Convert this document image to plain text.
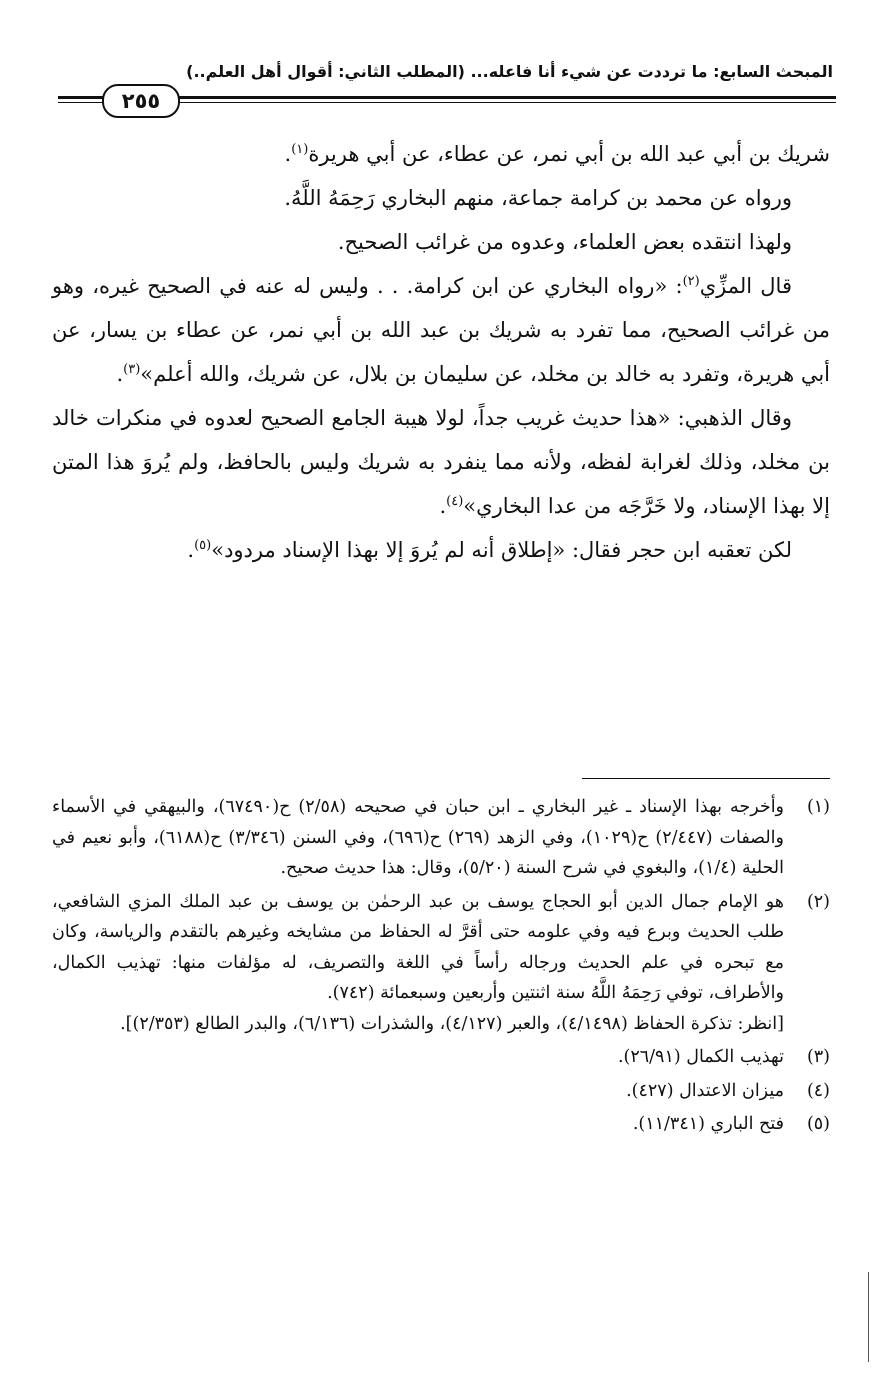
المبحث السابع: ما ترددت عن شيء أنا فاعله... (المطلب الثاني: أقوال أهل العلم..)
٢٥٥

شريك بن أبي عبد الله بن أبي نمر، عن عطاء، عن أبي هريرة$^{(١)}$.

ورواه عن محمد بن كرامة جماعة، منهم البخاري رَحِمَهُ اللَّهُ.

ولهذا انتقده بعض العلماء، وعدوه من غرائب الصحيح.

قال المزِّي$^{(٢)}$: «رواه البخاري عن ابن كرامة. . . وليس له عنه في الصحيح غيره، وهو من غرائب الصحيح، مما تفرد به شريك بن عبد الله بن أبي نمر، عن عطاء بن يسار، عن أبي هريرة، وتفرد به خالد بن مخلد، عن سليمان بن بلال، عن شريك، والله أعلم»$^{(٣)}$.

وقال الذهبي: «هذا حديث غريب جداً، لولا هيبة الجامع الصحيح لعدوه في منكرات خالد بن مخلد، وذلك لغرابة لفظه، ولأنه مما ينفرد به شريك وليس بالحافظ، ولم يُروَ هذا المتن إلا بهذا الإسناد، ولا خَرَّجَه من عدا البخاري»$^{(٤)}$.

لكن تعقبه ابن حجر فقال: «إطلاق أنه لم يُروَ إلا بهذا الإسناد مردود»$^{(٥)}$.

(١)

وأخرجه بهذا الإسناد ـ غير البخاري ـ ابن حبان في صحيحه (٢/٥٨) ح(٦٧٤٩٠)، والبيهقي في الأسماء والصفات (٢/٤٤٧) ح(١٠٢٩)، وفي الزهد (٢٦٩) ح(٦٩٦)، وفي السنن (٣/٣٤٦) ح(٦١٨٨)، وأبو نعيم في الحلية (١/٤)، والبغوي في شرح السنة (٥/٢٠)، وقال: هذا حديث صحيح.

(٢)

هو الإمام جمال الدين أبو الحجاج يوسف بن عبد الرحمٰن بن يوسف بن عبد الملك المزي الشافعي، طلب الحديث وبرع فيه وفي علومه حتى أقرَّ له الحفاظ من مشايخه وغيرهم بالتقدم والرياسة، وكان مع تبحره في علم الحديث ورجاله رأساً في اللغة والتصريف، له مؤلفات منها: تهذيب الكمال، والأطراف، توفي رَحِمَهُ اللَّهُ سنة اثنتين وأربعين وسبعمائة (٧٤٢).

[انظر: تذكرة الحفاظ (٤/١٤٩٨)، والعبر (٤/١٢٧)، والشذرات (٦/١٣٦)، والبدر الطالع (٢/٣٥٣)].

(٣)

تهذيب الكمال (٢٦/٩١).

(٤)

ميزان الاعتدال (٤٢٧).

(٥)

فتح الباري (١١/٣٤١).
